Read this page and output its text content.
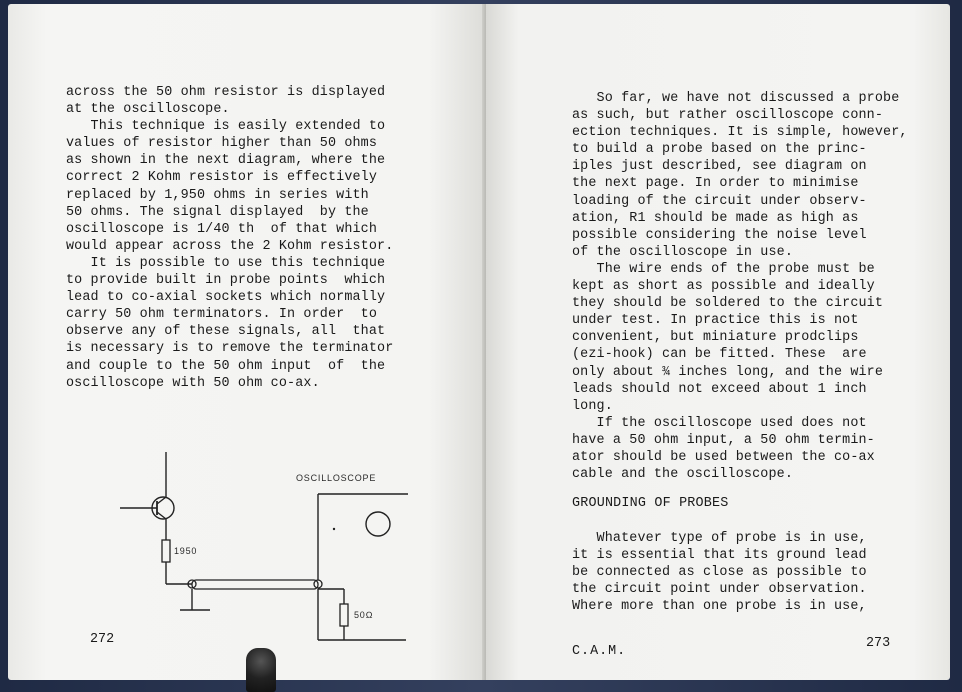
across the 50 ohm resistor is displayed
at the oscilloscope.
This technique is easily extended to
values of resistor higher than 50 ohms
as shown in the next diagram, where the
correct 2 Kohm resistor is effectively
replaced by 1,950 ohms in series with
50 ohms. The signal displayed  by the
oscilloscope is 1/40 th  of that which
would appear across the 2 Kohm resistor.
It is possible to use this technique
to provide built in probe points  which
lead to co-axial sockets which normally
carry 50 ohm terminators. In order  to
observe any of these signals, all  that
is necessary is to remove the terminator
and couple to the 50 ohm input  of  the
oscilloscope with 50 ohm co-ax.
1950
OSCILLOSCOPE
50Ω
272
So far, we have not discussed a probe
as such, but rather oscilloscope conn-
ection techniques. It is simple, however,
to build a probe based on the princ-
iples just described, see diagram on
the next page. In order to minimise
loading of the circuit under observ-
ation, R1 should be made as high as
possible considering the noise level
of the oscilloscope in use.
The wire ends of the probe must be
kept as short as possible and ideally
they should be soldered to the circuit
under test. In practice this is not
convenient, but miniature prodclips
(ezi-hook) can be fitted. These  are
only about ¾ inches long, and the wire
leads should not exceed about 1 inch
long.
If the oscilloscope used does not
have a 50 ohm input, a 50 ohm termin-
ator should be used between the co-ax
cable and the oscilloscope.
GROUNDING OF PROBES
Whatever type of probe is in use,
it is essential that its ground lead
be connected as close as possible to
the circuit point under observation.
Where more than one probe is in use,
273
C.A.M.
